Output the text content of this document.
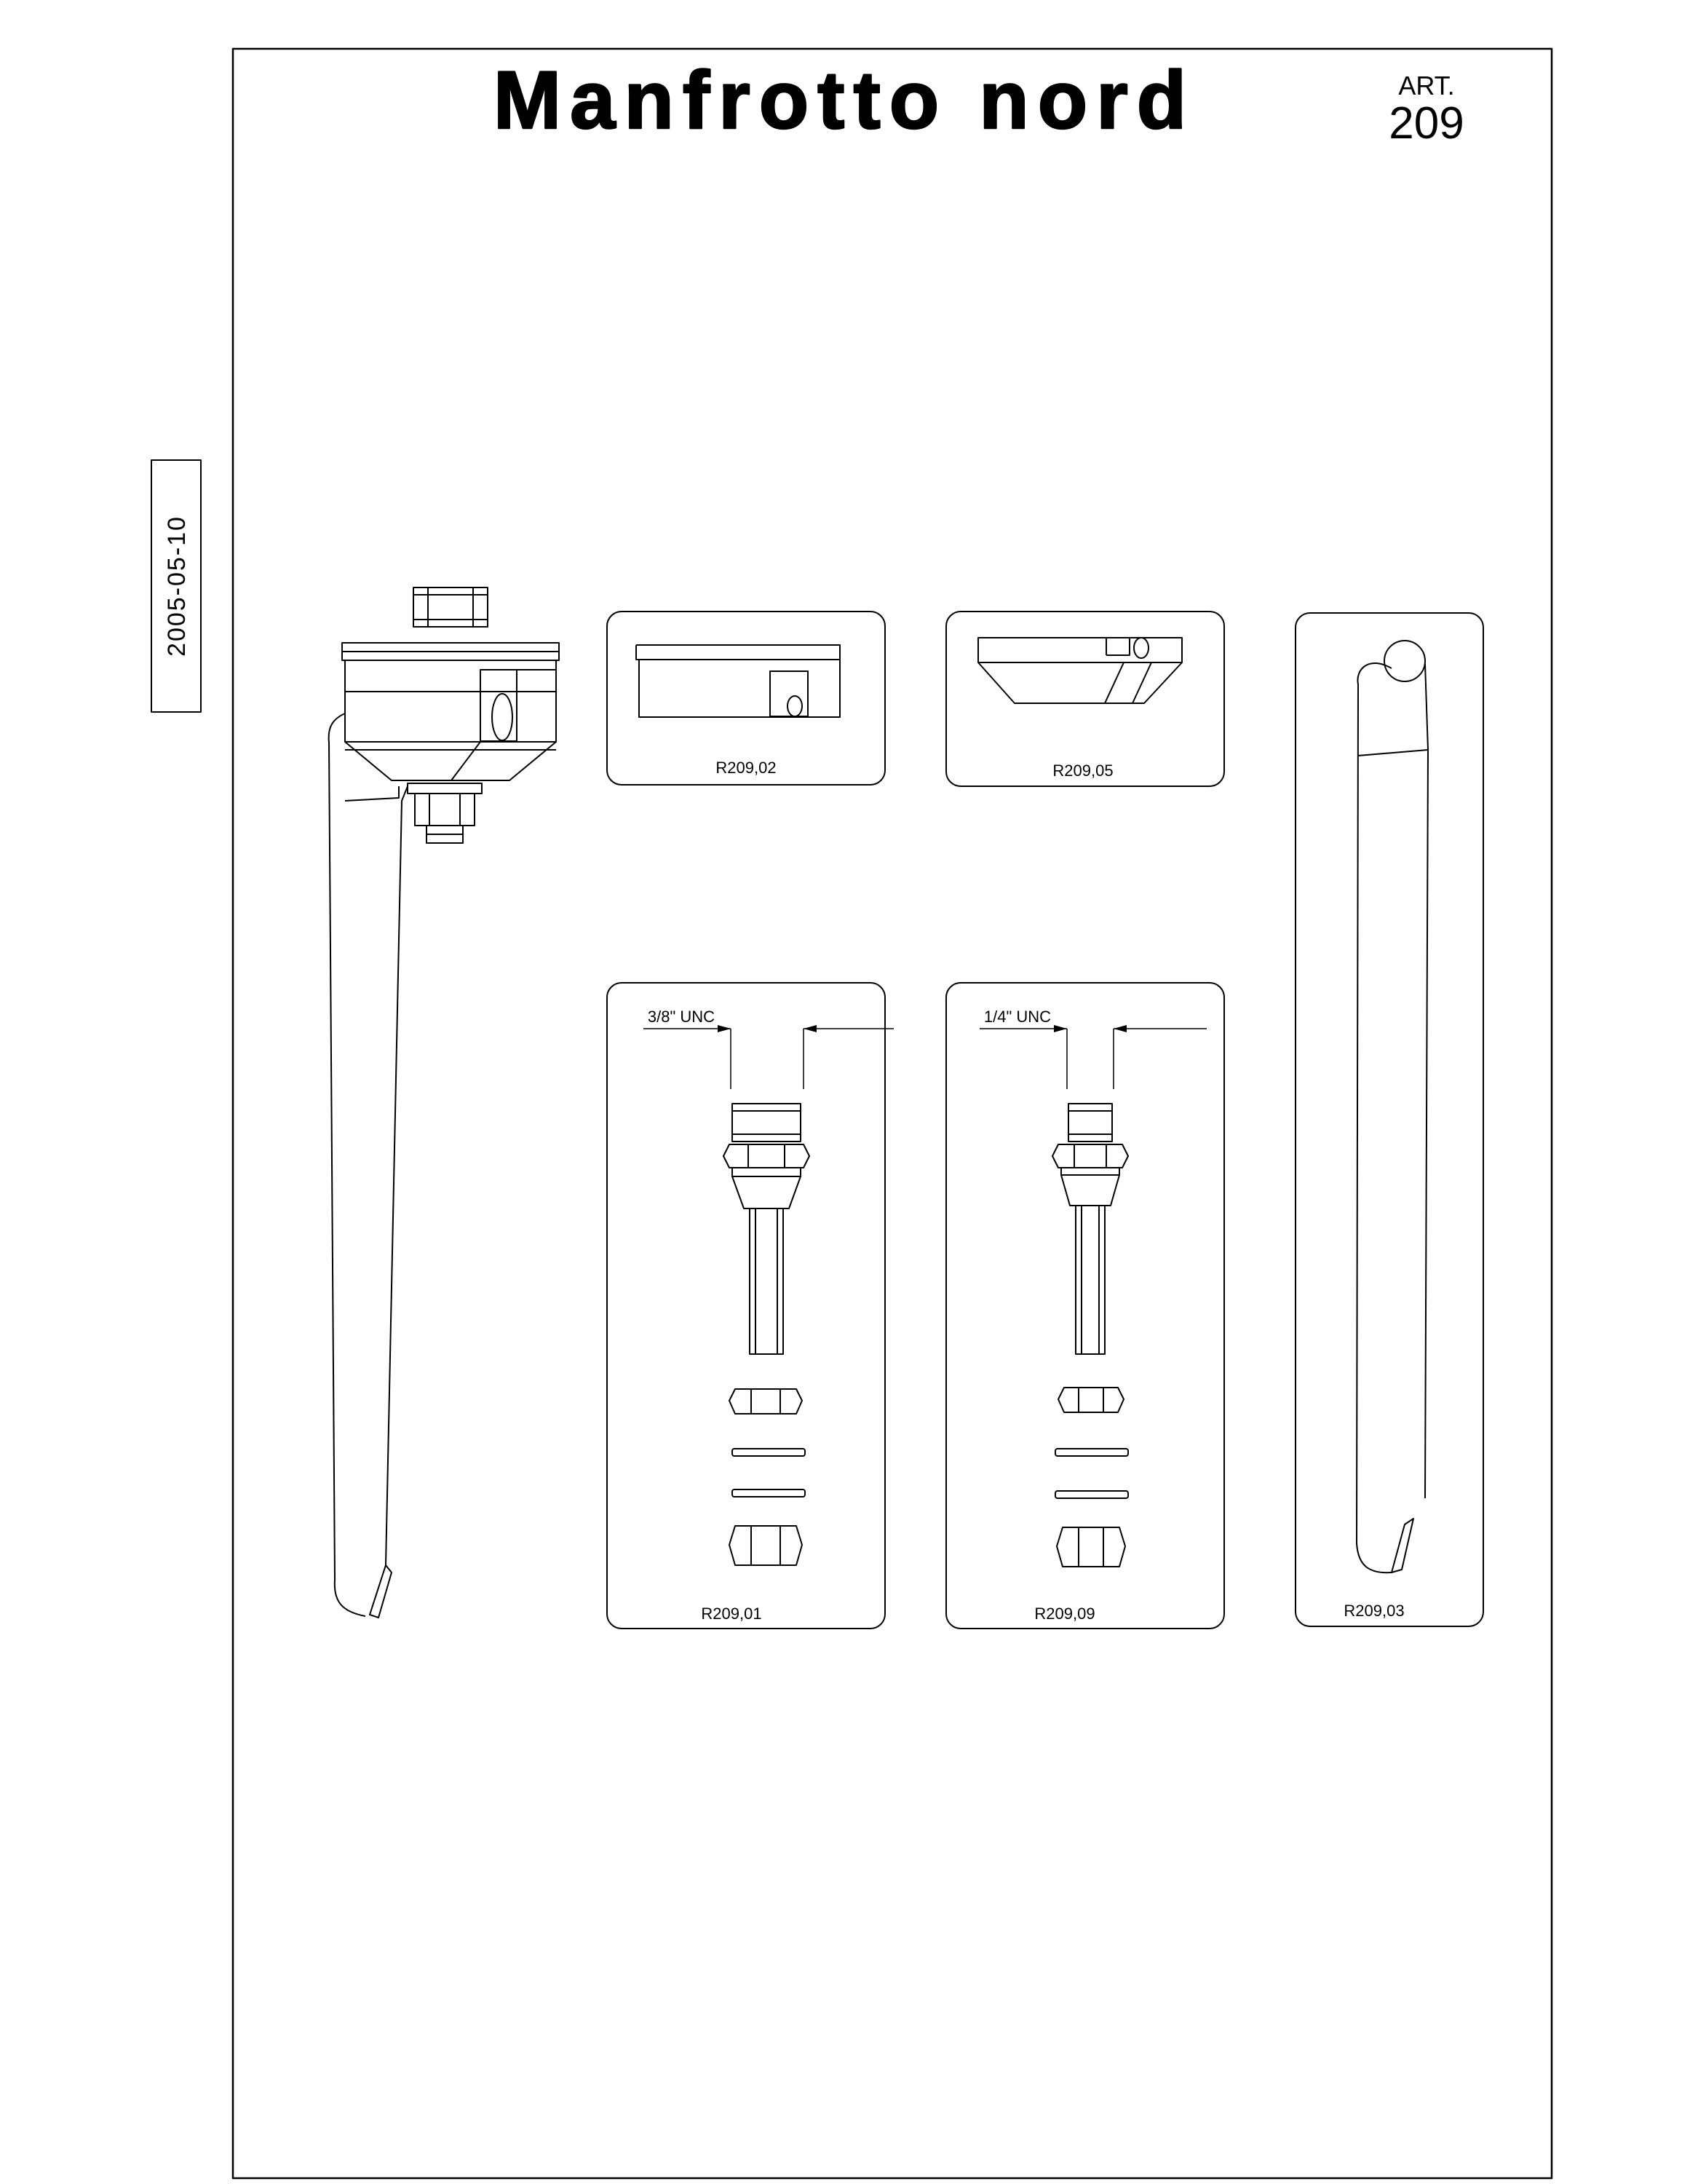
Manfrotto nord	ART.
209
2005-05-10
R209,02	R209,05
R209,03
3/8" UNC
R209,01
1/4" UNC
R209,09
